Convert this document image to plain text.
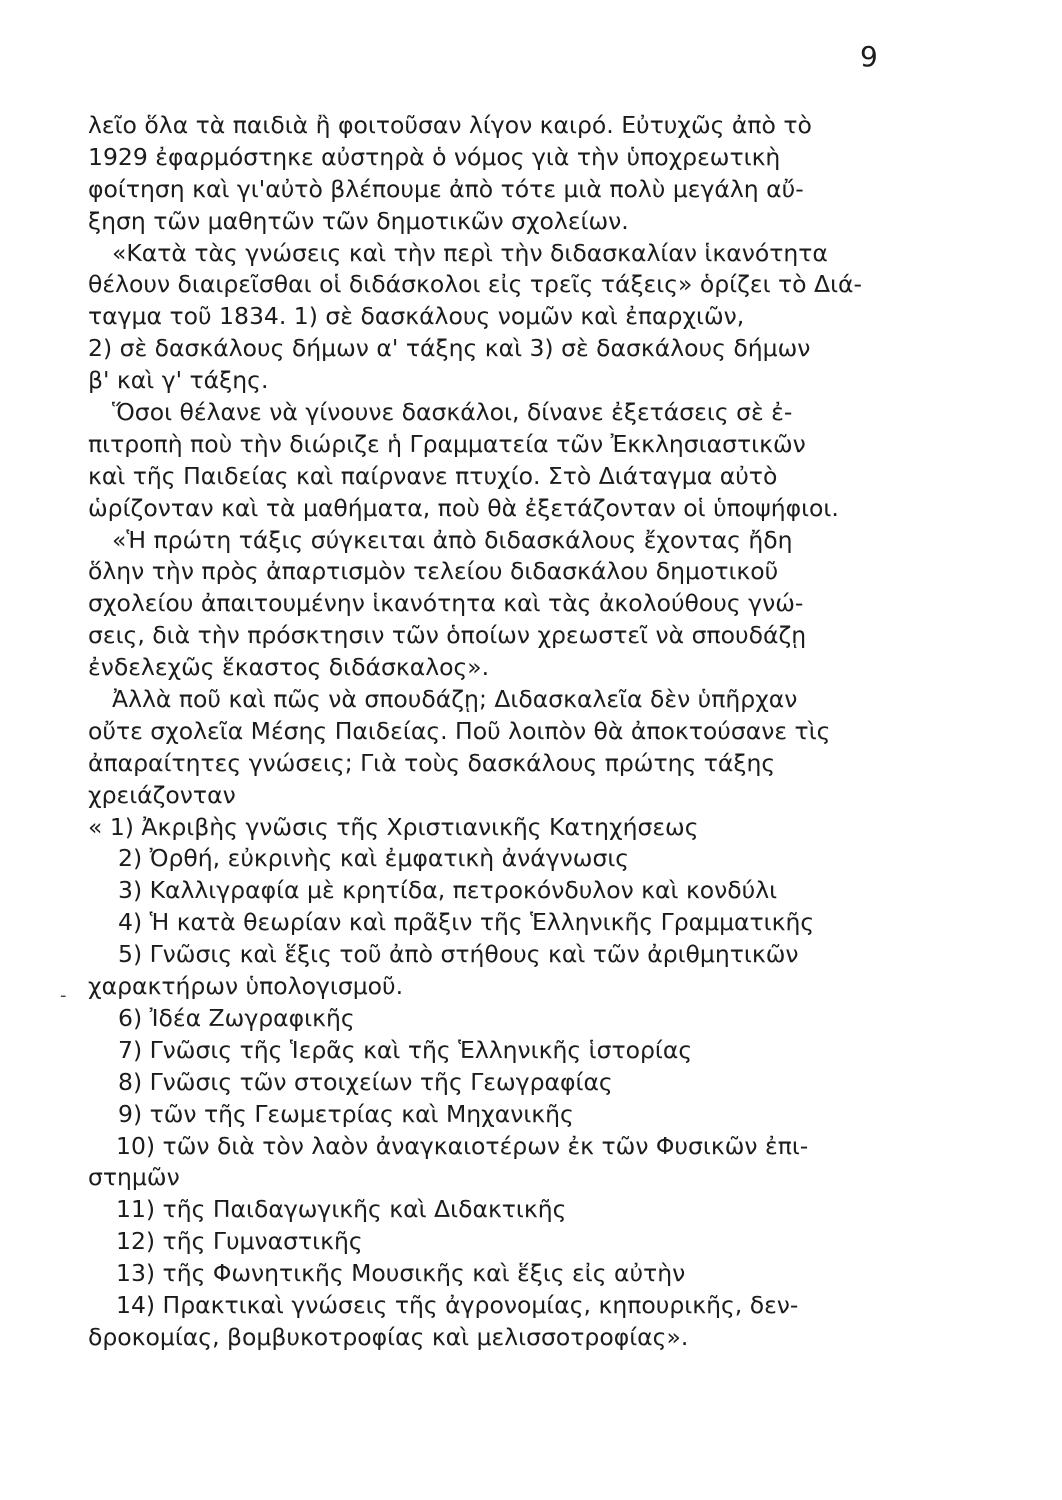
9
-
λεῖο ὅλα τὰ παιδιὰ ἢ φοιτοῦσαν λίγον καιρό. Εὐτυχῶς ἀπὸ τὸ
1929 ἐφαρμόστηκε αὐστηρὰ ὁ νόμος γιὰ τὴν ὑποχρεωτικὴ
φοίτηση καὶ γι'αὐτὸ βλέπουμε ἀπὸ τότε μιὰ πολὺ μεγάλη αὔ-
ξηση τῶν μαθητῶν τῶν δημοτικῶν σχολείων.
«Κατὰ τὰς γνώσεις καὶ τὴν περὶ τὴν διδασκαλίαν ἱκανότητα
θέλουν διαιρεῖσθαι οἱ διδάσκολοι εἰς τρεῖς τάξεις» ὁρίζει τὸ Διά-
ταγμα τοῦ 1834. 1) σὲ δασκάλους νομῶν καὶ ἐπαρχιῶν,
2) σὲ δασκάλους δήμων α' τάξης καὶ 3) σὲ δασκάλους δήμων
β' καὶ γ' τάξης.
Ὅσοι θέλανε νὰ γίνουνε δασκάλοι, δίνανε ἐξετάσεις σὲ ἐ-
πιτροπὴ ποὺ τὴν διώριζε ἡ Γραμματεία τῶν Ἐκκλησιαστικῶν
καὶ τῆς Παιδείας καὶ παίρνανε πτυχίο. Στὸ Διάταγμα αὐτὸ
ὡρίζονταν καὶ τὰ μαθήματα, ποὺ θὰ ἐξετάζονταν οἱ ὑποψήφιοι.
«Ἡ πρώτη τάξις σύγκειται ἀπὸ διδασκάλους ἔχοντας ἤδη
ὅλην τὴν πρὸς ἀπαρτισμὸν τελείου διδασκάλου δημοτικοῦ
σχολείου ἀπαιτουμένην ἱκανότητα καὶ τὰς ἀκολούθους γνώ-
σεις, διὰ τὴν πρόσκτησιν τῶν ὁποίων χρεωστεῖ νὰ σπουδάζῃ
ἐνδελεχῶς ἕκαστος διδάσκαλος».
Ἀλλὰ ποῦ καὶ πῶς νὰ σπουδάζῃ; Διδασκαλεῖα δὲν ὑπῆρχαν
οὔτε σχολεῖα Μέσης Παιδείας. Ποῦ λοιπὸν θὰ ἀποκτούσανε τὶς
ἀπαραίτητες γνώσεις; Γιὰ τοὺς δασκάλους πρώτης τάξης
χρειάζονταν
« 1) Ἀκριβὴς γνῶσις τῆς Χριστιανικῆς Κατηχήσεως
2) Ὀρθή, εὐκρινὴς καὶ ἐμφατικὴ ἀνάγνωσις
3) Καλλιγραφία μὲ κρητίδα, πετροκόνδυλον καὶ κονδύλι
4) Ἡ κατὰ θεωρίαν καὶ πρᾶξιν τῆς Ἑλληνικῆς Γραμματικῆς
5) Γνῶσις καὶ ἕξις τοῦ ἀπὸ στήθους καὶ τῶν ἀριθμητικῶν
χαρακτήρων ὑπολογισμοῦ.
6) Ἰδέα Ζωγραφικῆς
7) Γνῶσις τῆς Ἱερᾶς καὶ τῆς Ἑλληνικῆς ἱστορίας
8) Γνῶσις τῶν στοιχείων τῆς Γεωγραφίας
9) τῶν τῆς Γεωμετρίας καὶ Μηχανικῆς
10) τῶν διὰ τὸν λαὸν ἀναγκαιοτέρων ἐκ τῶν Φυσικῶν ἐπι-
στημῶν
11) τῆς Παιδαγωγικῆς καὶ Διδακτικῆς
12) τῆς Γυμναστικῆς
13) τῆς Φωνητικῆς Μουσικῆς καὶ ἕξις εἰς αὐτὴν
14) Πρακτικαὶ γνώσεις τῆς ἀγρονομίας, κηπουρικῆς, δεν-
δροκομίας, βομβυκοτροφίας καὶ μελισσοτροφίας».
